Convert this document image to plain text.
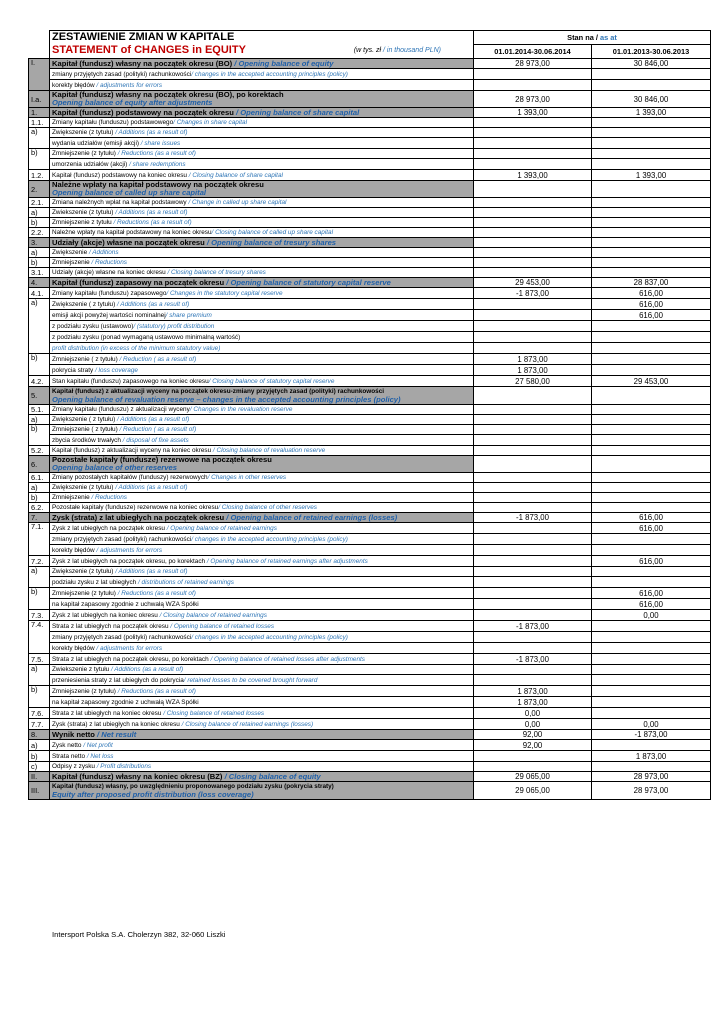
	ZESTAWIENIE ZMIAN W KAPITALE	Stan na / as at	
	STATEMENT of CHANGES in EQUITY (w tys. zł / in thousand PLN)	01.01.2014-30.06.2014	01.01.2013-30.06.2013
I.	Kapitał (fundusz) własny na początek okresu (BO) / Opening balance of equity	28 973,00	30 846,00
	zmiany przyjętych zasad (polityki) rachunkowości/ changes in the accepted accounting principles (policy)		
	korekty błędów / adjustments for errors		
I.a.	Kapitał (fundusz) własny na początek okresu (BO), po korektach
Opening balance of equity after adjustments	28 973,00	30 846,00
1.	Kapitał (fundusz) podstawowy na początek okresu / Opening balance of share capital	1 393,00	1 393,00
1.1.	Zmiany kapitału (funduszu) podstawowego/ Changes in share capital		
a)	Zwiększenie (z tytułu) / Additions (as a result of)		
	wydania udziałów (emisji akcji) / share issues		
b)	Zmniejszenie (z tytułu) / Reductions (as a result of)		
	umorzenia udziałów (akcji) / share redemptions		
1.2.	Kapitał (fundusz) podstawowy na koniec okresu / Closing balance of share capital	1 393,00	1 393,00
2.	Należne wpłaty na kapitał podstawowy na początek okresu
Opening balance of called up share capital		
2.1.	Zmiana należnych wpłat na kapitał podstawowy / Change in called up share capital		
a)	Zwiekszenie (z tytułu) / Additions (as a result of)		
b)	Zmniejszenie z tytułu / Reductions (as a result of)		
2.2.	Należne wpłaty na kapitał podstawowy na koniec okresu/ Closing balance of called up share capital		
3.	Udziały (akcje) własne na początek okresu / Opening balance of tresury shares		
a)	Zwiększenie / Additions		
b)	Zmniejszenie / Reductions		
3.1.	Udziały (akcje) własne na koniec okresu / Closing balance of tresury shares		
4.	Kapitał (fundusz) zapasowy na początek okresu / Opening balance of statutory capital reserve	29 453,00	28 837,00
4.1.	Zmiany kapitału (funduszu) zapasowego/ Changes in the statutory capital reserve	-1 873,00	616,00
a)	Zwiększenie ( z tytułu) / Additions (as a result of)		616,00
	emisji akcji powyżej wartości nominalnej/ share premium		616,00
	z podziału zysku (ustawowo)/ (statutory) profit distribution		
	z podziału zysku (ponad wymaganą ustawowo minimalną wartość)		
	profit distribution (in excess of the minimum statutory value)		
b)	Zmniejszenie ( z tytułu) / Reduction ( as a result of)	1 873,00	
	pokrycia straty / loss coverage	1 873,00	
4.2.	Stan kapitału (funduszu) zapasowego na koniec okresu/ Closing balance of statutory capital reserve	27 580,00	29 453,00
5.	Kapitał (fundusz) z aktualizacji wyceny na początek okresu-zmiany przyjętych zasad (polityki) rachunkowości
Opening balance of revaluation reserve – changes in the accepted accounting principles (policy)		
5.1.	Zmiany kapitału (funduszu) z aktualizacji wyceny/ Changes in the revaluation reserve		
a)	Zwiększenie ( z tytułu) / Additions (as a result of)		
b)	Zmniejszenie ( z tytułu) / Reduction ( as a result of)		
	zbycia środków trwałych / disposal of fixe assets		
5.2.	Kapitał (fundusz) z aktualizacji wyceny na koniec okresu / Closing balance of revaluation reserve		
6.	Pozostałe kapitały (fundusze) rezerwowe na początek okresu
Opening balance of other reserves		
6.1.	Zmiany pozostałych kapitałów (funduszy) rezerwowych/ Changes in other reserves		
a)	Zwiększenie (z tytułu) / Additions (as a result of)		
b)	Zmniejszenie / Reductions		
6.2.	Pozostałe kapitały (fundusze) rezerwowe na koniec okresu/ Closing balance of other reserves		
7.	Zysk (strata) z lat ubiegłych na początek okresu / Opening balance of retained earnings (losses)	-1 873,00	616,00
7.1.	Zysk z lat ubiegłych na początek okresu / Opening balance of retained earnings		616,00
	zmiany przyjętych zasad (polityki) rachunkowości/ changes in the accepted accounting principles (policy)		
	korekty błędów / adjustments for errors		
7.2.	Zysk z lat ubiegłych na początek okresu, po korektach / Opening balance of retained earnings after adjustments		616,00
a)	Zwiększenie (z tytułu) / Additions (as a result of)		
	podziału zysku z lat ubiegłych / distributions of retained earnings		
b)	Zmniejszenie (z tytułu) / Reductions (as a result of)		616,00
	na kapitał zapasowy zgodnie z uchwałą WZA Spółki		616,00
7.3.	Zysk z lat ubiegłych na koniec okresu / Closing balance of retained earnings		0,00
7.4.	Strata z lat ubiegłych na początek okresu / Opening balance of retained losses	-1 873,00	
	zmiany przyjętych zasad (polityki) rachunkowości/ changes in the accepted accounting principles (policy)		
	korekty błędów / adjustments for errors		
7.5.	Strata z lat ubiegłych na początek okresu, po korektach / Opening balance of retained losses after adjustments	-1 873,00	
a)	Zwiekszenie z tytułu / Additions (as a result of)		
	przeniesienia straty z lat ubiegłych do pokrycia/ retained losses to be covered brought forward		
b)	Zmniejszenie (z tytułu) / Reductions (as a result of)	1 873,00	
	na kapitał zapasowy zgodnie z uchwałą WZA Spółki	1 873,00	
7.6.	Strata z lat ubiegłych na koniec okresu / Closing balance of retained losses	0,00	
7.7.	Zysk (strata) z lat ubiegłych na koniec okresu / Closing balance of retained earnings (losses)	0,00	0,00
8.	Wynik netto / Net result	92,00	-1 873,00
a)	Zysk netto / Net profit	92,00	
b)	Strata netto / Net loss		1 873,00
c)	Odpisy z zysku / Profit distributions		
II.	Kapitał (fundusz) własny na koniec okresu (BZ) / Closing balance of equity	29 065,00	28 973,00
III.	Kapitał (fundusz) własny, po uwzględnieniu proponowanego podziału zysku (pokrycia straty)
Equity after proposed profit distribution (loss coverage)	29 065,00	28 973,00
Intersport Polska S.A. Cholerzyn 382, 32-060 Liszki
